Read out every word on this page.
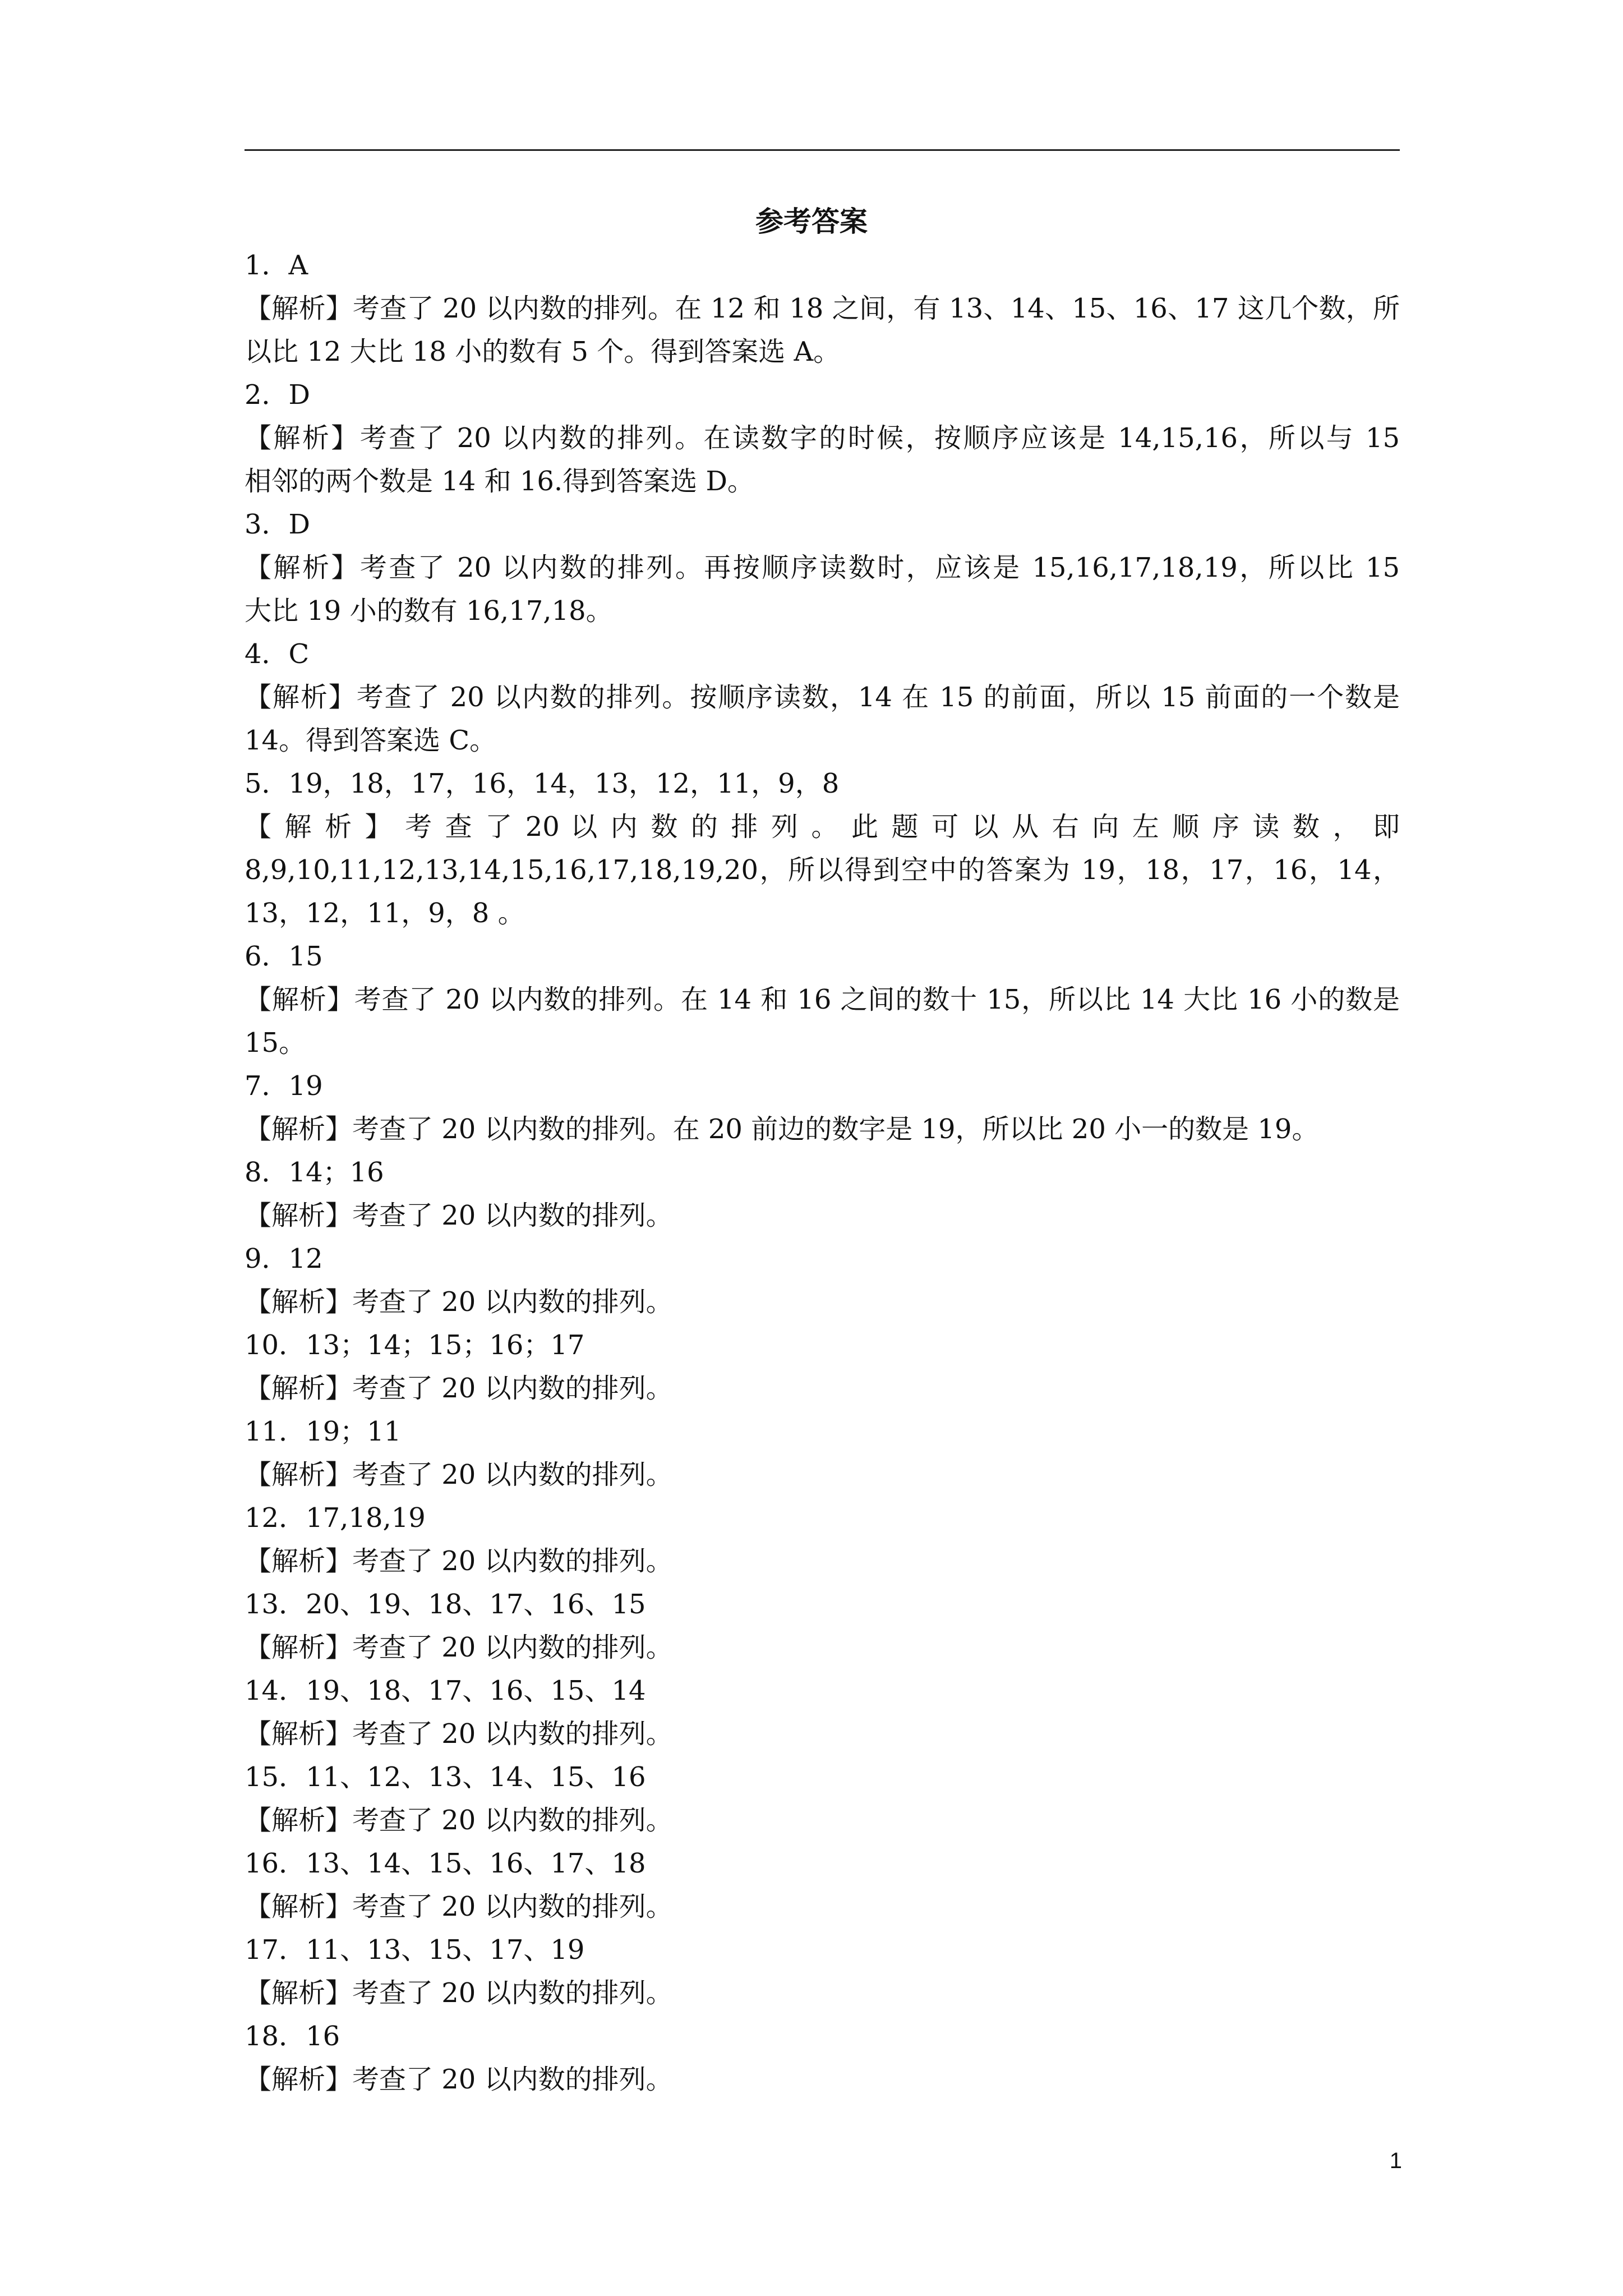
参考答案
1．A
【解析】考查了 20 以内数的排列。在 12 和 18 之间，有 13、14、15、16、17 这几个数，所
以比 12 大比 18 小的数有 5 个。得到答案选 A。
2．D
【解析】考查了 20 以内数的排列。在读数字的时候，按顺序应该是 14,15,16，所以与 15
相邻的两个数是 14 和 16.得到答案选 D。
3．D
【解析】考查了 20 以内数的排列。再按顺序读数时，应该是 15,16,17,18,19，所以比 15
大比 19 小的数有 16,17,18。
4．C
【解析】考查了 20 以内数的排列。按顺序读数，14 在 15 的前面，所以 15 前面的一个数是
14。得到答案选 C。
5．19，18，17，16，14，13，12，11，9，8
【 解 析 】 考 查 了 20 以 内 数 的 排 列 。 此 题 可 以 从 右 向 左 顺 序 读 数 ， 即
8,9,10,11,12,13,14,15,16,17,18,19,20，所以得到空中的答案为 19，18，17，16，14，
13，12，11，9，8 。
6．15
【解析】考查了 20 以内数的排列。在 14 和 16 之间的数十 15，所以比 14 大比 16 小的数是
15。
7．19
【解析】考查了 20 以内数的排列。在 20 前边的数字是 19，所以比 20 小一的数是 19。
8．14；16
【解析】考查了 20 以内数的排列。
9．12
【解析】考查了 20 以内数的排列。
10．13；14；15；16；17
【解析】考查了 20 以内数的排列。
11．19；11
【解析】考查了 20 以内数的排列。
12．17,18,19
【解析】考查了 20 以内数的排列。
13．20、19、18、17、16、15
【解析】考查了 20 以内数的排列。
14．19、18、17、16、15、14
【解析】考查了 20 以内数的排列。
15．11、12、13、14、15、16
【解析】考查了 20 以内数的排列。
16．13、14、15、16、17、18
【解析】考查了 20 以内数的排列。
17．11、13、15、17、19
【解析】考查了 20 以内数的排列。
18．16
【解析】考查了 20 以内数的排列。
1
